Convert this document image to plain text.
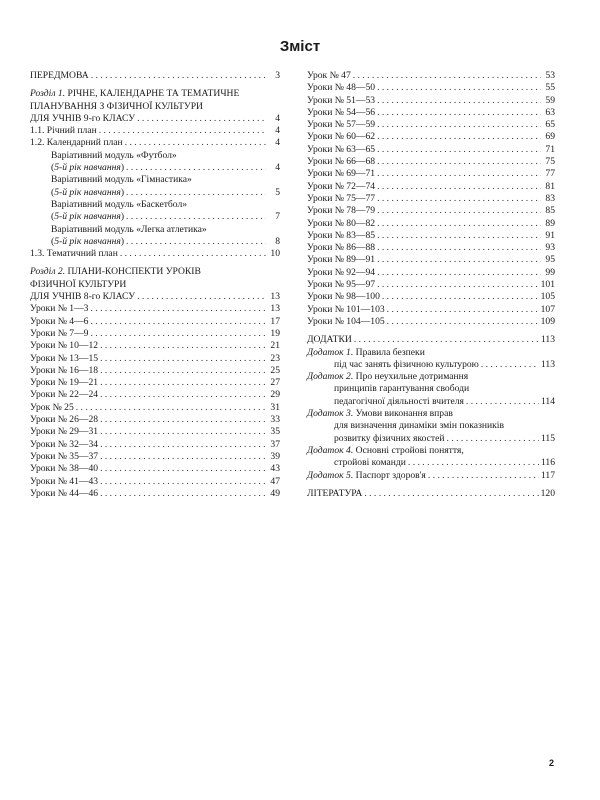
Зміст
ПЕРЕДМОВА . . .	3
Розділ 1. РІЧНЕ, КАЛЕНДАРНЕ ТА ТЕМАТИЧНЕ
ПЛАНУВАННЯ З ФІЗИЧНОЇ КУЛЬТУРИ
ДЛЯ УЧНІВ 9-го КЛАСУ . . .	4
1.1. Річний план . . .	4
1.2. Календарний план . . .	4
Варіативний модуль «Футбол»
(5-й рік навчання) . . .	4
Варіативний модуль «Гімнастика»
(5-й рік навчання) . . .	5
Варіативний модуль «Баскетбол»
(5-й рік навчання) . . .	7
Варіативний модуль «Легка атлетика»
(5-й рік навчання) . . .	8
1.3. Тематичний план . . .	10
Розділ 2. ПЛАНИ-КОНСПЕКТИ УРОКІВ
ФІЗИЧНОЇ КУЛЬТУРИ
ДЛЯ УЧНІВ 8-го КЛАСУ . . .	13
Уроки № 1—3 . . .	13
Уроки № 4—6 . . .	17
Уроки № 7—9 . . .	19
Уроки № 10—12 . . .	21
Уроки № 13—15 . . .	23
Уроки № 16—18 . . .	25
Уроки № 19—21 . . .	27
Уроки № 22—24 . . .	29
Урок № 25 . . .	31
Уроки № 26—28 . . .	33
Уроки № 29—31 . . .	35
Уроки № 32—34 . . .	37
Уроки № 35—37 . . .	39
Уроки № 38—40 . . .	43
Уроки № 41—43 . . .	47
Уроки № 44—46 . . .	49
Урок № 47 . . .	53
Уроки № 48—50 . . .	55
Уроки № 51—53 . . .	59
Уроки № 54—56 . . .	63
Уроки № 57—59 . . .	65
Уроки № 60—62 . . .	69
Уроки № 63—65 . . .	71
Уроки № 66—68 . . .	75
Уроки № 69—71 . . .	77
Уроки № 72—74 . . .	81
Уроки № 75—77 . . .	83
Уроки № 78—79 . . .	85
Уроки № 80—82 . . .	89
Уроки № 83—85 . . .	91
Уроки № 86—88 . . .	93
Уроки № 89—91 . . .	95
Уроки № 92—94 . . .	99
Уроки № 95—97 . . .	101
Уроки № 98—100 . . .	105
Уроки № 101—103 . . .	107
Уроки № 104—105 . . .	109
ДОДАТКИ . . .	113
Додаток 1. Правила безпеки
під час занять фізичною культурою . . .	113
Додаток 2. Про неухильне дотримання
принципів гарантування свободи
педагогічної діяльності вчителя . . .	114
Додаток 3. Умови виконання вправ
для визначення динаміки змін показників
розвитку фізичних якостей . . .	115
Додаток 4. Основні стройові поняття,
стройові команди . . .	116
Додаток 5. Паспорт здоров'я . . .	117
ЛІТЕРАТУРА . . .	120
2
